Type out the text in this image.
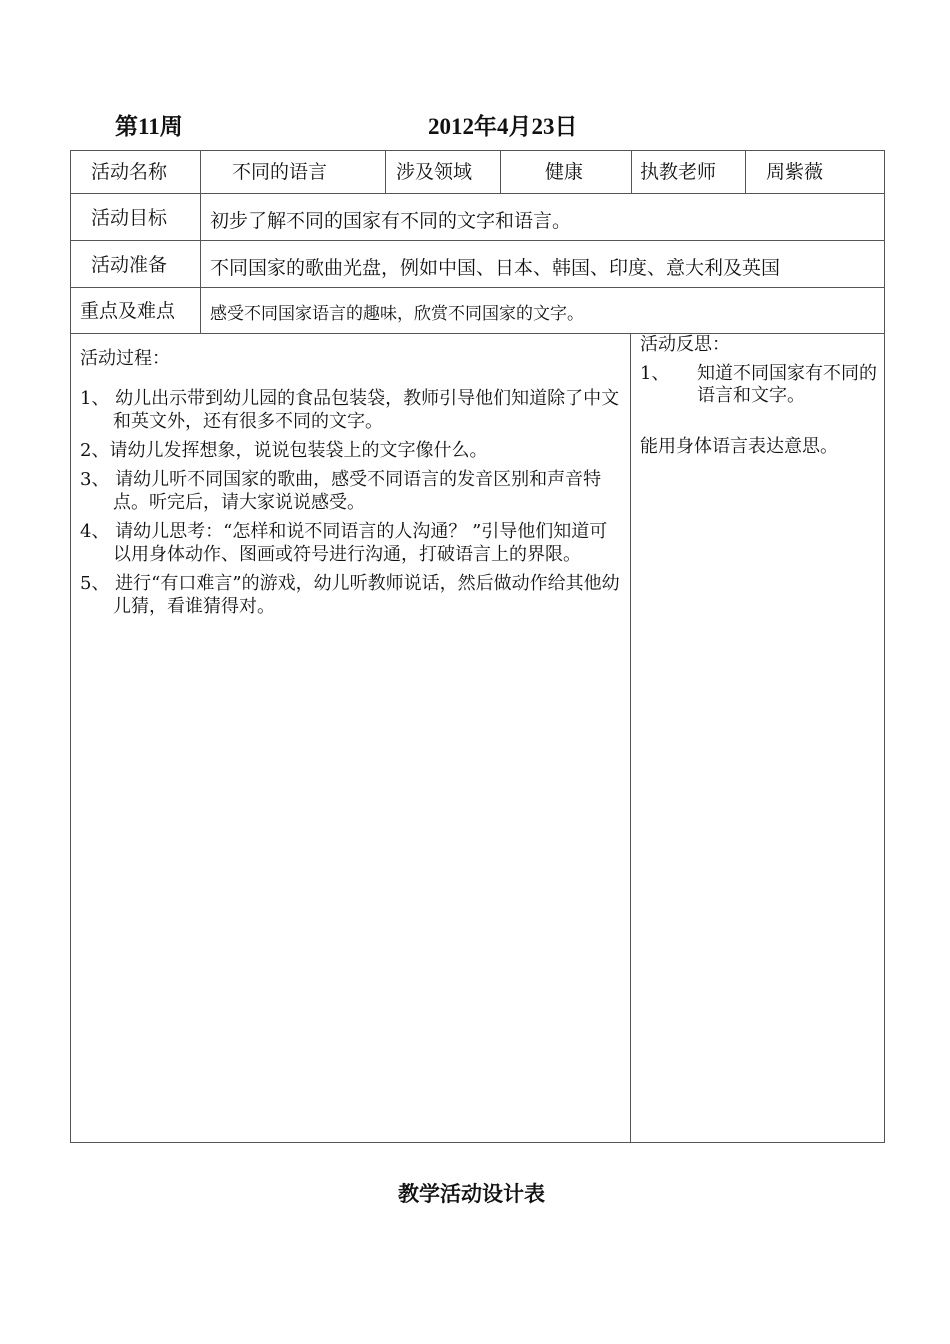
第11周	2012年4月23日
活动名称	不同的语言	涉及领域	健康	执教老师	周紫薇
活动目标 初步了解不同的国家有不同的文字和语言。
活动准备 不同国家的歌曲光盘，例如中国、日本、韩国、印度、意大利及英国
重点及难点 感受不同国家语言的趣味，欣赏不同国家的文字。
活动过程：
1、 幼儿出示带到幼儿园的食品包装袋，教师引导他们知道除了中文和英文外，还有很多不同的文字。
2、请幼儿发挥想象，说说包装袋上的文字像什么。
3、 请幼儿听不同国家的歌曲，感受不同语言的发音区别和声音特点。听完后，请大家说说感受。
4、 请幼儿思考：“怎样和说不同语言的人沟通？ ”引导他们知道可以用身体动作、图画或符号进行沟通，打破语言上的界限。
5、 进行“有口难言”的游戏，幼儿听教师说话，然后做动作给其他幼儿猜，看谁猜得对。
活动反思：
1、 知道不同国家有不同的语言和文字。
能用身体语言表达意思。
教学活动设计表
